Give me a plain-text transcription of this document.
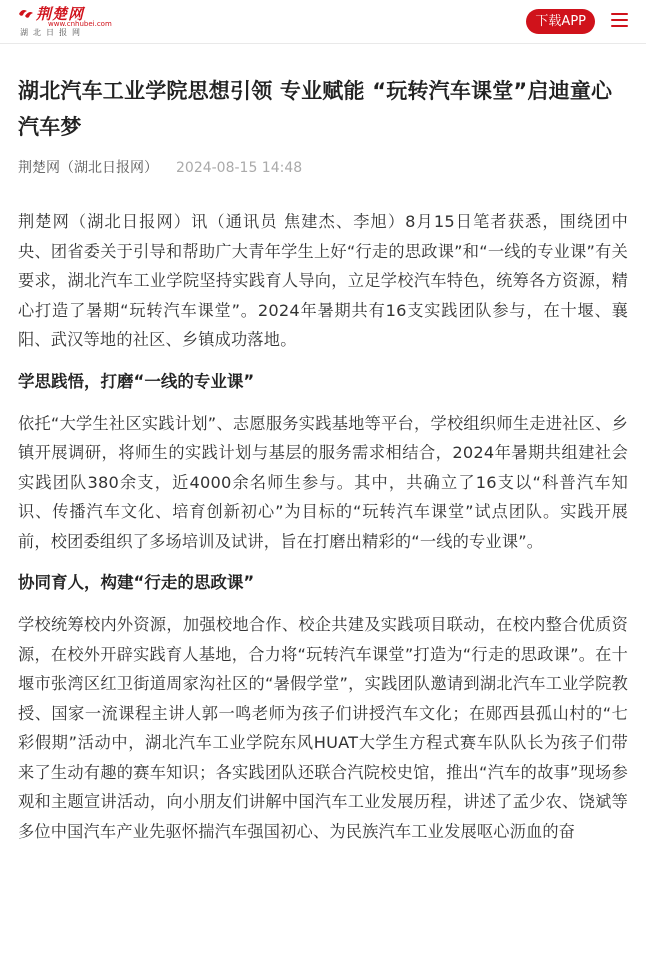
荆楚网
www.cnhubei.com
湖北日报网
下载APP
湖北汽车工业学院思想引领 专业赋能 “玩转汽车课堂”启迪童心汽车梦
荆楚网（湖北日报网） 2024-08-15 14:48

荆楚网（湖北日报网）讯（通讯员 焦建杰、李旭）8月15日笔者获悉，围绕团中央、团省委关于引导和帮助广大青年学生上好“行走的思政课”和“一线的专业课”有关要求，湖北汽车工业学院坚持实践育人导向，立足学校汽车特色，统筹各方资源，精心打造了暑期“玩转汽车课堂”。2024年暑期共有16支实践团队参与，在十堰、襄阳、武汉等地的社区、乡镇成功落地。

学思践悟，打磨“一线的专业课”

依托“大学生社区实践计划”、志愿服务实践基地等平台，学校组织师生走进社区、乡镇开展调研，将师生的实践计划与基层的服务需求相结合，2024年暑期共组建社会实践团队380余支，近4000余名师生参与。其中，共确立了16支以“科普汽车知识、传播汽车文化、培育创新初心”为目标的“玩转汽车课堂”试点团队。实践开展前，校团委组织了多场培训及试讲，旨在打磨出精彩的“一线的专业课”。

协同育人，构建“行走的思政课”

学校统筹校内外资源，加强校地合作、校企共建及实践项目联动，在校内整合优质资源，在校外开辟实践育人基地，合力将“玩转汽车课堂”打造为“行走的思政课”。在十堰市张湾区红卫街道周家沟社区的“暑假学堂”，实践团队邀请到湖北汽车工业学院教授、国家一流课程主讲人郭一鸣老师为孩子们讲授汽车文化；在郧西县孤山村的“七彩假期”活动中，湖北汽车工业学院东风HUAT大学生方程式赛车队队长为孩子们带来了生动有趣的赛车知识；各实践团队还联合汽院校史馆，推出“汽车的故事”现场参观和主题宣讲活动，向小朋友们讲解中国汽车工业发展历程，讲述了孟少农、饶斌等多位中国汽车产业先驱怀揣汽车强国初心、为民族汽车工业发展呕心沥血的奋
